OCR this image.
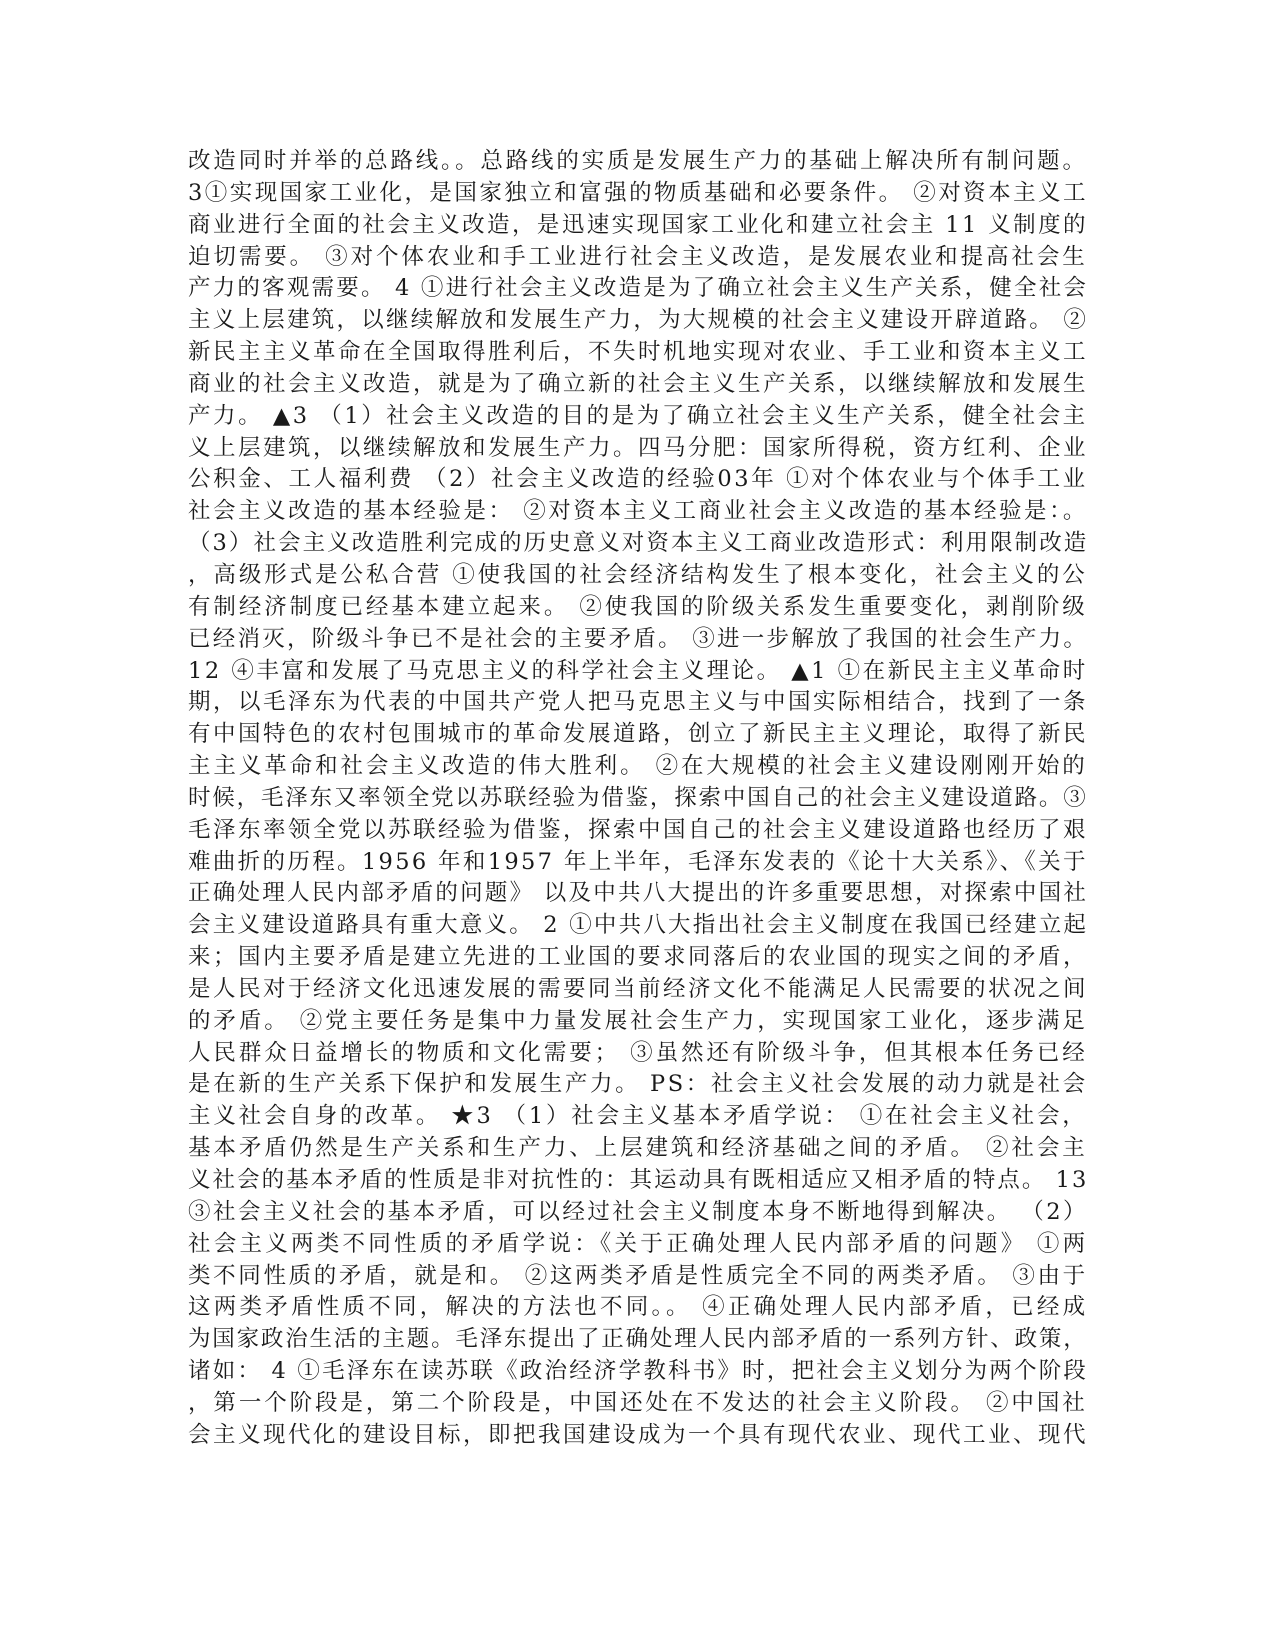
改造同时并举的总路线。。总路线的实质是发展生产力的基础上解决所有制问题。
3①实现国家工业化，是国家独立和富强的物质基础和必要条件。 ②对资本主义工
商业进行全面的社会主义改造，是迅速实现国家工业化和建立社会主 11 义制度的
迫切需要。 ③对个体农业和手工业进行社会主义改造，是发展农业和提高社会生
产力的客观需要。 4 ①进行社会主义改造是为了确立社会主义生产关系，健全社会
主义上层建筑，以继续解放和发展生产力，为大规模的社会主义建设开辟道路。 ②
新民主主义革命在全国取得胜利后，不失时机地实现对农业、手工业和资本主义工
商业的社会主义改造，就是为了确立新的社会主义生产关系，以继续解放和发展生
产力。 ▲3 （1）社会主义改造的目的是为了确立社会主义生产关系，健全社会主
义上层建筑，以继续解放和发展生产力。四马分肥：国家所得税，资方红利、企业
公积金、工人福利费 （2）社会主义改造的经验03年 ①对个体农业与个体手工业
社会主义改造的基本经验是： ②对资本主义工商业社会主义改造的基本经验是：。
（3）社会主义改造胜利完成的历史意义对资本主义工商业改造形式：利用限制改造
，高级形式是公私合营 ①使我国的社会经济结构发生了根本变化，社会主义的公
有制经济制度已经基本建立起来。 ②使我国的阶级关系发生重要变化，剥削阶级
已经消灭，阶级斗争已不是社会的主要矛盾。 ③进一步解放了我国的社会生产力。
12 ④丰富和发展了马克思主义的科学社会主义理论。 ▲1 ①在新民主主义革命时
期，以毛泽东为代表的中国共产党人把马克思主义与中国实际相结合，找到了一条
有中国特色的农村包围城市的革命发展道路，创立了新民主主义理论，取得了新民
主主义革命和社会主义改造的伟大胜利。 ②在大规模的社会主义建设刚刚开始的
时候，毛泽东又率领全党以苏联经验为借鉴，探索中国自己的社会主义建设道路。③
毛泽东率领全党以苏联经验为借鉴，探索中国自己的社会主义建设道路也经历了艰
难曲折的历程。1956 年和1957 年上半年，毛泽东发表的《论十大关系》、《关于
正确处理人民内部矛盾的问题》 以及中共八大提出的许多重要思想，对探索中国社
会主义建设道路具有重大意义。 2 ①中共八大指出社会主义制度在我国已经建立起
来；国内主要矛盾是建立先进的工业国的要求同落后的农业国的现实之间的矛盾，
是人民对于经济文化迅速发展的需要同当前经济文化不能满足人民需要的状况之间
的矛盾。 ②党主要任务是集中力量发展社会生产力，实现国家工业化，逐步满足
人民群众日益增长的物质和文化需要； ③虽然还有阶级斗争，但其根本任务已经
是在新的生产关系下保护和发展生产力。 PS：社会主义社会发展的动力就是社会
主义社会自身的改革。 ★3 （1）社会主义基本矛盾学说： ①在社会主义社会，
基本矛盾仍然是生产关系和生产力、上层建筑和经济基础之间的矛盾。 ②社会主
义社会的基本矛盾的性质是非对抗性的：其运动具有既相适应又相矛盾的特点。 13
③社会主义社会的基本矛盾，可以经过社会主义制度本身不断地得到解决。 （2）
社会主义两类不同性质的矛盾学说：《关于正确处理人民内部矛盾的问题》 ①两
类不同性质的矛盾，就是和。 ②这两类矛盾是性质完全不同的两类矛盾。 ③由于
这两类矛盾性质不同，解决的方法也不同。。 ④正确处理人民内部矛盾，已经成
为国家政治生活的主题。毛泽东提出了正确处理人民内部矛盾的一系列方针、政策，
诸如： 4 ①毛泽东在读苏联《政治经济学教科书》时，把社会主义划分为两个阶段
，第一个阶段是，第二个阶段是，中国还处在不发达的社会主义阶段。 ②中国社
会主义现代化的建设目标，即把我国建设成为一个具有现代农业、现代工业、现代
